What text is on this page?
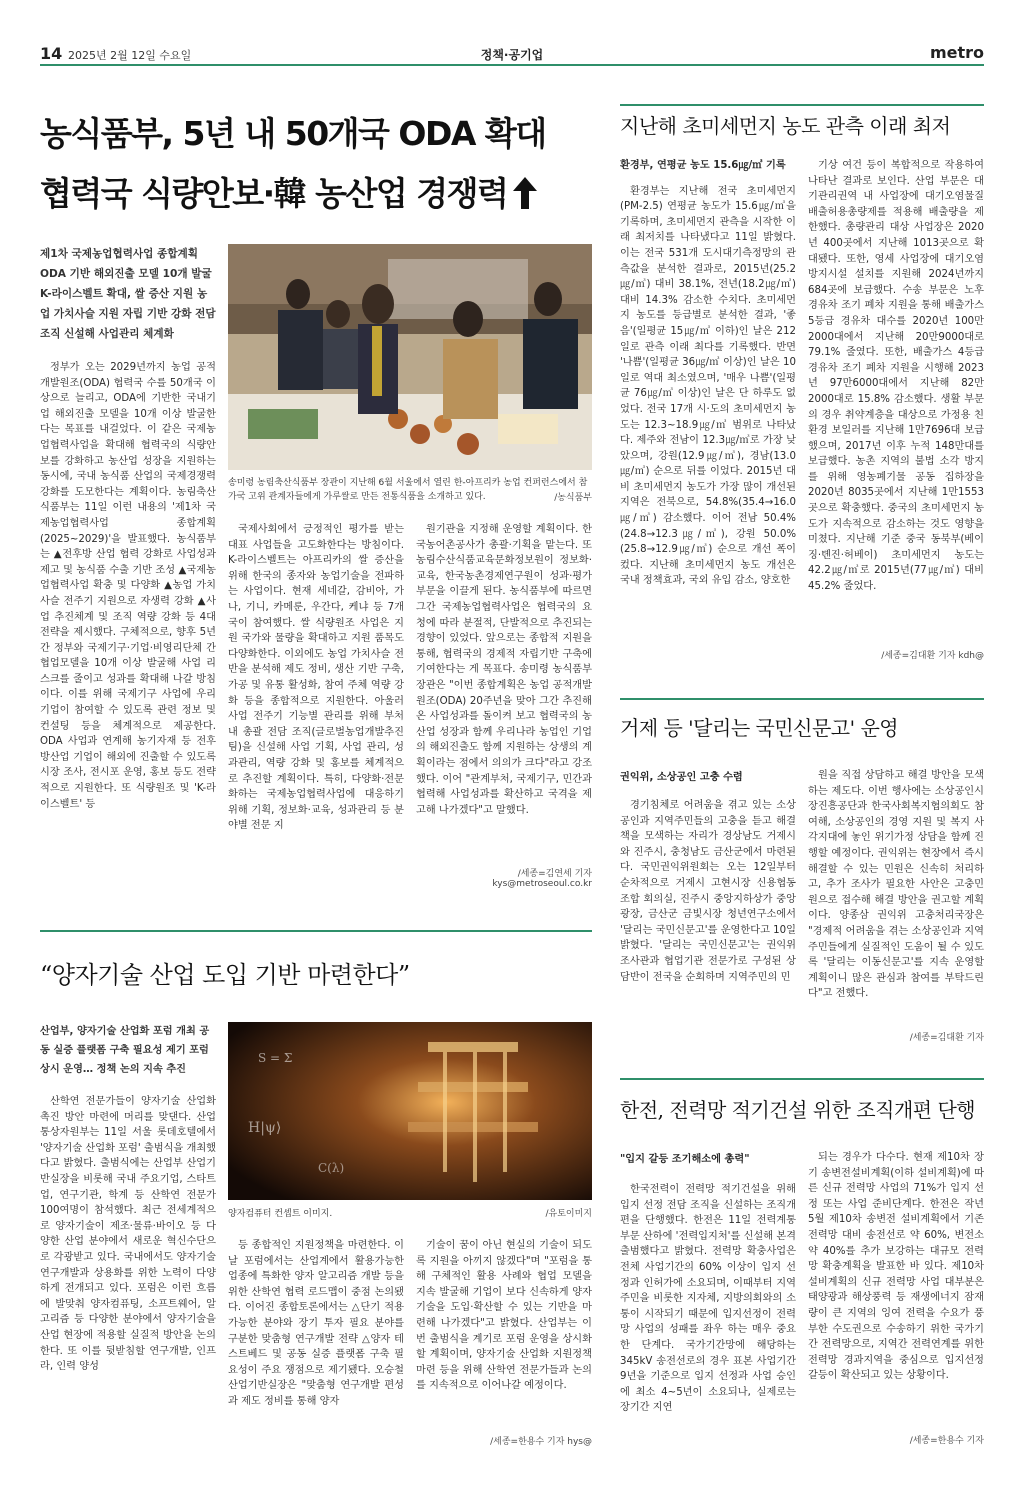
14 2025년 2월 12일 수요일	정책·공기업	metro
농식품부, 5년 내 50개국 ODA 확대
협력국 식량안보·韓 농산업 경쟁력
제1차 국제농업협력사업 종합계획 ODA 기반 해외진출 모델 10개 발굴 K-라이스벨트 확대, 쌀 증산 지원 농업 가치사슬 지원 자립 기반 강화 전담 조직 신설해 사업관리 체계화
송미령 농림축산식품부 장관이 지난해 6월 서울에서 열린 한-아프리카 농업 컨퍼런스에서 참가국 고위 관계자들에게 가루쌀로 만든 전통식품을 소개하고 있다.	/농식품부

정부가 오는 2029년까지 농업 공적개발원조(ODA) 협력국 수를 50개국 이상으로 늘리고, ODA에 기반한 국내기업 해외진출 모델을 10개 이상 발굴한다는 목표를 내걸었다. 이 같은 국제농업협력사업을 확대해 협력국의 식량안보를 강화하고 농산업 성장을 지원하는 동시에, 국내 농식품 산업의 국제경쟁력 강화를 도모한다는 계획이다. 농림축산식품부는 11일 이런 내용의 '제1차 국제농업협력사업 종합계획(2025~2029)'을 발표했다. 농식품부는 ▲전후방 산업 협력 강화로 사업성과 제고 및 농식품 수출 기반 조성 ▲국제농업협력사업 확충 및 다양화 ▲농업 가치사슬 전주기 지원으로 자생력 강화 ▲사업 추진체계 및 조직 역량 강화 등 4대 전략을 제시했다. 구체적으로, 향후 5년간 정부와 국제기구·기업·비영리단체 간 협업모델을 10개 이상 발굴해 사업 리스크를 줄이고 성과를 확대해 나갈 방침이다. 이를 위해 국제기구 사업에 우리 기업이 참여할 수 있도록 관련 정보 및 컨설팅 등을 체계적으로 제공한다. ODA 사업과 연계해 농기자재 등 전후방산업 기업이 해외에 진출할 수 있도록 시장 조사, 전시포 운영, 홍보 등도 전략적으로 지원한다. 또 식량원조 및 'K-라이스벨트' 등

국제사회에서 긍정적인 평가를 받는 대표 사업들을 고도화한다는 방침이다. K-라이스벨트는 아프리카의 쌀 증산을 위해 한국의 종자와 농업기술을 전파하는 사업이다. 현재 세네갈, 감비아, 가나, 기니, 카메룬, 우간다, 케냐 등 7개국이 참여했다. 쌀 식량원조 사업은 지원 국가와 물량을 확대하고 지원 품목도 다양화한다. 이외에도 농업 가치사슬 전반을 분석해 제도 정비, 생산 기반 구축, 가공 및 유통 활성화, 참여 주체 역량 강화 등을 종합적으로 지원한다. 아울러 사업 전주기 기능별 관리를 위해 부처 내 총괄 전담 조직(글로벌농업개발추진팀)을 신설해 사업 기획, 사업 관리, 성과관리, 역량 강화 및 홍보를 체계적으로 추진할 계획이다. 특히, 다양화·전문화하는 국제농업협력사업에 대응하기 위해 기획, 정보화·교육, 성과관리 등 분야별 전문 지

원기관을 지정해 운영할 계획이다. 한국농어촌공사가 총괄·기획을 맡는다. 또 농림수산식품교육문화정보원이 정보화·교육, 한국농촌경제연구원이 성과·평가 부문을 이끌게 된다. 농식품부에 따르면 그간 국제농업협력사업은 협력국의 요청에 따라 분절적, 단발적으로 추진되는 경향이 있었다. 앞으로는 종합적 지원을 통해, 협력국의 경제적 자립기반 구축에 기여한다는 게 목표다. 송미령 농식품부 장관은 "이번 종합계획은 농업 공적개발원조(ODA) 20주년을 맞아 그간 추진해 온 사업성과를 돌이켜 보고 협력국의 농산업 성장과 함께 우리나라 농업인 기업의 해외진출도 함께 지원하는 상생의 계획이라는 점에서 의의가 크다"라고 강조했다. 이어 "관계부처, 국제기구, 민간과 협력해 사업성과를 확산하고 국격을 제고해 나가겠다"고 말했다.

/세종=김연세 기자 kys@metroseoul.co.kr
지난해 초미세먼지 농도 관측 이래 최저
환경부, 연평균 농도 15.6㎍/㎥ 기록

환경부는 지난해 전국 초미세먼지(PM-2.5) 연평균 농도가 15.6㎍/㎥을 기록하며, 초미세먼지 관측을 시작한 이래 최저치를 나타냈다고 11일 밝혔다. 이는 전국 531개 도시대기측정망의 관측값을 분석한 결과로, 2015년(25.2㎍/㎥) 대비 38.1%, 전년(18.2㎍/㎥) 대비 14.3% 감소한 수치다. 초미세먼지 농도를 등급별로 분석한 결과, '좋음'(일평균 15㎍/㎥ 이하)인 날은 212일로 관측 이래 최다를 기록했다. 반면 '나쁨'(일평균 36㎍/㎥ 이상)인 날은 10일로 역대 최소였으며, '매우 나쁨'(일평균 76㎍/㎥ 이상)인 날은 단 하루도 없었다. 전국 17개 시·도의 초미세먼지 농도는 12.3~18.9㎍/㎥ 범위로 나타났다. 제주와 전남이 12.3㎍/㎥로 가장 낮았으며, 강원(12.9㎍/㎥), 경남(13.0㎍/㎥) 순으로 뒤를 이었다. 2015년 대비 초미세먼지 농도가 가장 많이 개선된 지역은 전북으로, 54.8%(35.4→16.0㎍/㎥) 감소했다. 이어 전남 50.4%(24.8→12.3㎍/㎥), 강원 50.0%(25.8→12.9㎍/㎥) 순으로 개선 폭이 컸다. 지난해 초미세먼지 농도 개선은 국내 정책효과, 국외 유입 감소, 양호한

기상 여건 등이 복합적으로 작용하여 나타난 결과로 보인다. 산업 부문은 대기관리권역 내 사업장에 대기오염물질 배출허용총량제를 적용해 배출량을 제한했다. 총량관리 대상 사업장은 2020년 400곳에서 지난해 1013곳으로 확대됐다. 또한, 영세 사업장에 대기오염 방지시설 설치를 지원해 2024년까지 684곳에 보급했다. 수송 부문은 노후 경유차 조기 폐차 지원을 통해 배출가스 5등급 경유차 대수를 2020년 100만2000대에서 지난해 20만9000대로 79.1% 줄였다. 또한, 배출가스 4등급 경유차 조기 폐차 지원을 시행해 2023년 97만6000대에서 지난해 82만2000대로 15.8% 감소했다. 생활 부문의 경우 취약계층을 대상으로 가정용 친환경 보일러를 지난해 1만7696대 보급했으며, 2017년 이후 누적 148만대를 보급했다. 농촌 지역의 불법 소각 방지를 위해 영농폐기물 공동 집하장을 2020년 8035곳에서 지난해 1만1553곳으로 확충했다. 중국의 초미세먼지 농도가 지속적으로 감소하는 것도 영향을 미쳤다. 지난해 기준 중국 동북부(베이징·톈진·허베이) 초미세먼지 농도는 42.2㎍/㎥로 2015년(77㎍/㎥) 대비 45.2% 줄었다.

/세종=김대환 기자 kdh@
거제 등 '달리는 국민신문고' 운영
권익위, 소상공인 고충 수렴

경기침체로 어려움을 겪고 있는 소상공인과 지역주민들의 고충을 듣고 해결책을 모색하는 자리가 경상남도 거제시와 진주시, 충청남도 금산군에서 마련된다. 국민권익위원회는 오는 12일부터 순차적으로 거제시 고현시장 신용협동조합 회의실, 진주시 중앙지하상가 중앙광장, 금산군 금빛시장 청년연구소에서 '달리는 국민신문고'를 운영한다고 10일 밝혔다. '달리는 국민신문고'는 권익위 조사관과 협업기관 전문가로 구성된 상담반이 전국을 순회하며 지역주민의 민

원을 직접 상담하고 해결 방안을 모색하는 제도다. 이번 행사에는 소상공인시장진흥공단과 한국사회복지협의회도 참여해, 소상공인의 경영 지원 및 복지 사각지대에 놓인 위기가정 상담을 함께 진행할 예정이다. 권익위는 현장에서 즉시 해결할 수 있는 민원은 신속히 처리하고, 추가 조사가 필요한 사안은 고충민원으로 접수해 해결 방안을 권고할 계획이다. 양종삼 권익위 고충처리국장은 "경제적 어려움을 겪는 소상공인과 지역주민들에게 실질적인 도움이 될 수 있도록 '달리는 이동신문고'를 지속 운영할 계획이니 많은 관심과 참여를 부탁드린다"고 전했다.

/세종=김대환 기자
한전, 전력망 적기건설 위한 조직개편 단행
"입지 갈등 조기해소에 총력"

한국전력이 전력망 적기건설을 위해 입지 선정 전담 조직을 신설하는 조직개편을 단행했다. 한전은 11일 전력계통부문 산하에 '전력입지처'를 신설해 본격 출범했다고 밝혔다. 전력망 확충사업은 전체 사업기간의 60% 이상이 입지 선정과 인허가에 소요되며, 이때부터 지역주민을 비롯한 지자체, 지방의회와의 소통이 시작되기 때문에 입지선정이 전력망 사업의 성패를 좌우 하는 매우 중요한 단계다. 국가기간망에 해당하는 345kV 송전선로의 경우 표본 사업기간 9년을 기준으로 입지 선정과 사업 승인에 최소 4~5년이 소요되나, 실제로는 장기간 지연

되는 경우가 다수다. 현재 제10차 장기 송변전설비계획(이하 설비계획)에 따른 신규 전력망 사업의 71%가 입지 선정 또는 사업 준비단계다. 한전은 작년 5월 제10차 송변전 설비계획에서 기존 전력망 대비 송전선로 약 60%, 변전소 약 40%를 추가 보강하는 대규모 전력망 확충계획을 발표한 바 있다. 제10차 설비계획의 신규 전력망 사업 대부분은 태양광과 해상풍력 등 재생에너지 잠재량이 큰 지역의 잉여 전력을 수요가 풍부한 수도권으로 수송하기 위한 국가기간 전력망으로, 지역간 전력연계를 위한 전력망 경과지역을 중심으로 입지선정 갈등이 확산되고 있는 상황이다.

/세종=한용수 기자
“양자기술 산업 도입 기반 마련한다”
산업부, 양자기술 산업화 포럼 개최 공동 실증 플랫폼 구축 필요성 제기 포럼 상시 운영… 정책 논의 지속 추진
S = Σ
H|ψ⟩
C(λ)
양자컴퓨터 컨셉트 이미지.	/유토이미지

산학연 전문가들이 양자기술 산업화 촉진 방안 마련에 머리를 맞댄다. 산업통상자원부는 11일 서울 롯데호텔에서 '양자기술 산업화 포럼' 출범식을 개최했다고 밝혔다. 출범식에는 산업부 산업기반실장을 비롯해 국내 주요기업, 스타트업, 연구기관, 학계 등 산학연 전문가 100여명이 참석했다. 최근 전세계적으로 양자기술이 제조·물류·바이오 등 다양한 산업 분야에서 새로운 혁신수단으로 각광받고 있다. 국내에서도 양자기술 연구개발과 상용화를 위한 노력이 다양하게 전개되고 있다. 포럼은 이런 흐름에 발맞춰 양자컴퓨팅, 소프트웨어, 알고리즘 등 다양한 분야에서 양자기술을 산업 현장에 적용할 실질적 방안을 논의한다. 또 이를 뒷받침할 연구개발, 인프라, 인력 양성

등 종합적인 지원정책을 마련한다. 이날 포럼에서는 산업계에서 활용가능한 업종에 특화한 양자 알고리즘 개발 등을 위한 산학연 협력 로드맵이 중점 논의됐다. 이어진 종합토론에서는 △단기 적용 가능한 분야와 장기 투자 필요 분야를 구분한 맞춤형 연구개발 전략 △양자 테스트베드 및 공동 실증 플랫폼 구축 필요성이 주요 쟁점으로 제기됐다. 오승철 산업기반실장은 "맞춤형 연구개발 편성과 제도 정비를 통해 양자

기술이 꿈이 아닌 현실의 기술이 되도록 지원을 아끼지 않겠다"며 "포럼을 통해 구체적인 활용 사례와 협업 모델을 지속 발굴해 기업이 보다 신속하게 양자기술을 도입·확산할 수 있는 기반을 마련해 나가겠다"고 밝혔다. 산업부는 이번 출범식을 계기로 포럼 운영을 상시화할 계획이며, 양자기술 산업화 지원정책 마련 등을 위해 산학연 전문가들과 논의를 지속적으로 이어나갈 예정이다.

/세종=한용수 기자 hys@
